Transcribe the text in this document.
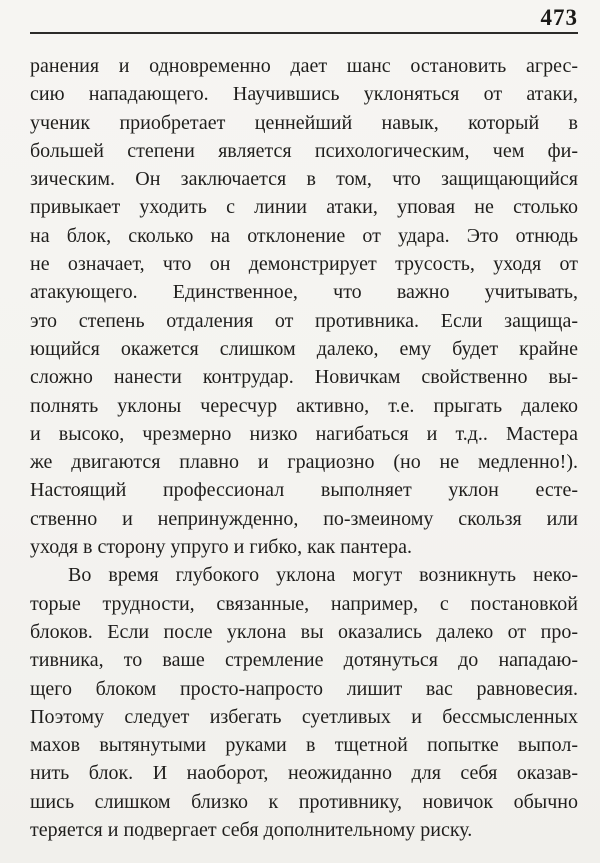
473
ранения и одновременно дает шанс остановить агрес-
сию нападающего. Научившись уклоняться от атаки,
ученик приобретает ценнейший навык, который в
большей степени является психологическим, чем фи-
зическим. Он заключается в том, что защищающийся
привыкает уходить с линии атаки, уповая не столько
на блок, сколько на отклонение от удара. Это отнюдь
не означает, что он демонстрирует трусость, уходя от
атакующего. Единственное, что важно учитывать,
это степень отдаления от противника. Если защища-
ющийся окажется слишком далеко, ему будет крайне
сложно нанести контрудар. Новичкам свойственно вы-
полнять уклоны чересчур активно, т.е. прыгать далеко
и высоко, чрезмерно низко нагибаться и т.д.. Мастера
же двигаются плавно и грациозно (но не медленно!).
Настоящий профессионал выполняет уклон есте-
ственно и непринужденно, по-змеиному скользя или
уходя в сторону упруго и гибко, как пантера.
Во время глубокого уклона могут возникнуть неко-
торые трудности, связанные, например, с постановкой
блоков. Если после уклона вы оказались далеко от про-
тивника, то ваше стремление дотянуться до нападаю-
щего блоком просто-напросто лишит вас равновесия.
Поэтому следует избегать суетливых и бессмысленных
махов вытянутыми руками в тщетной попытке выпол-
нить блок. И наоборот, неожиданно для себя оказав-
шись слишком близко к противнику, новичок обычно
теряется и подвергает себя дополнительному риску.
